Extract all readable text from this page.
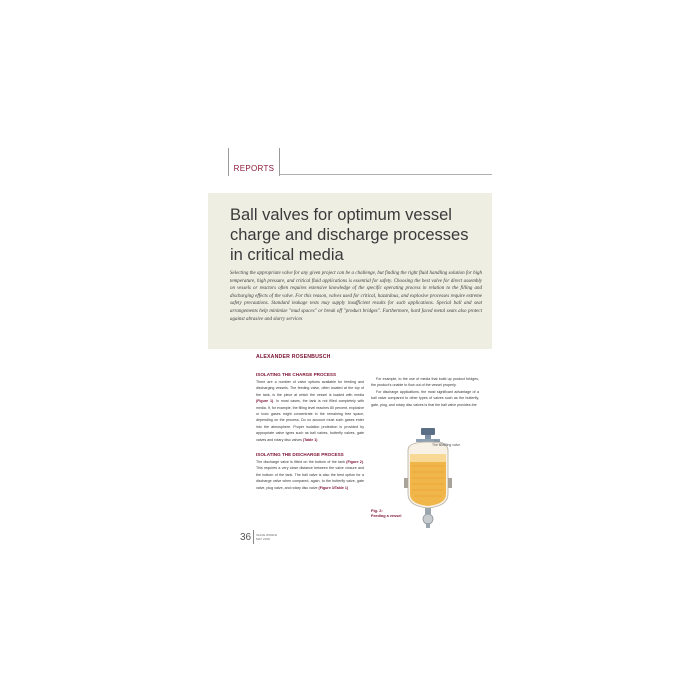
REPORTS
Ball valves for optimum vessel charge and discharge processes in critical media
Selecting the appropriate valve for any given project can be a challenge, but finding the right fluid handling solution for high temperature, high pressure, and critical fluid applications is essential for safety. Choosing the best valve for direct assembly on vessels or reactors often requires extensive knowledge of the specific operating process in relation to the filling and discharging effects of the valve. For this reason, valves used for critical, hazardous, and explosive processes require extreme safety precautions. Standard leakage tests may supply insufficient results for such applications. Special ball and seat arrangements help minimize "mud spaces" or break off "product bridges". Furthermore, hard faced metal seats also protect against abrasive and slurry services
ALEXANDER ROSENBUSCH
ISOLATING THE CHARGE PROCESS

There are a number of valve options available for feeding and discharging vessels. The feeding valve, often located at the top of the tank, is the piece at which the vessel is loaded with media (Figure 1). In most cases, the tank is not filled completely with media. If, for example, the filling level reaches 80 percent, explosive or toxic gases might concentrate in the remaining free space, depending on the process. Do no account must such gases enter into the atmosphere. Proper isolation protection is provided by appropriate valve types such as ball valves, butterfly valves, gate valves and rotary disc valves (Table 1)

ISOLATING THE DISCHARGE PROCESS

The discharge valve is fitted on the bottom of the tank (Figure 2). This requires a very close distance between the valve closure and the bottom of the tank. The ball valve is also the best option for a discharge valve when compared, again, to the butterfly valve, gate valve, plug valve, and rotary disc valve (Figure 3/Table 1)

For example, to the use of media that build up product bridges, the product's unable to flow out of the vessel properly.

For discharge applications, the most significant advantage of a ball valve compared to other types of valves such as the butterfly, gate, plug, and rotary disc valves is that the ball valve provides the

The isolating valve
Fig. 2:
Feeding a vessel
36 VALVE WORLD
MAY 2018
